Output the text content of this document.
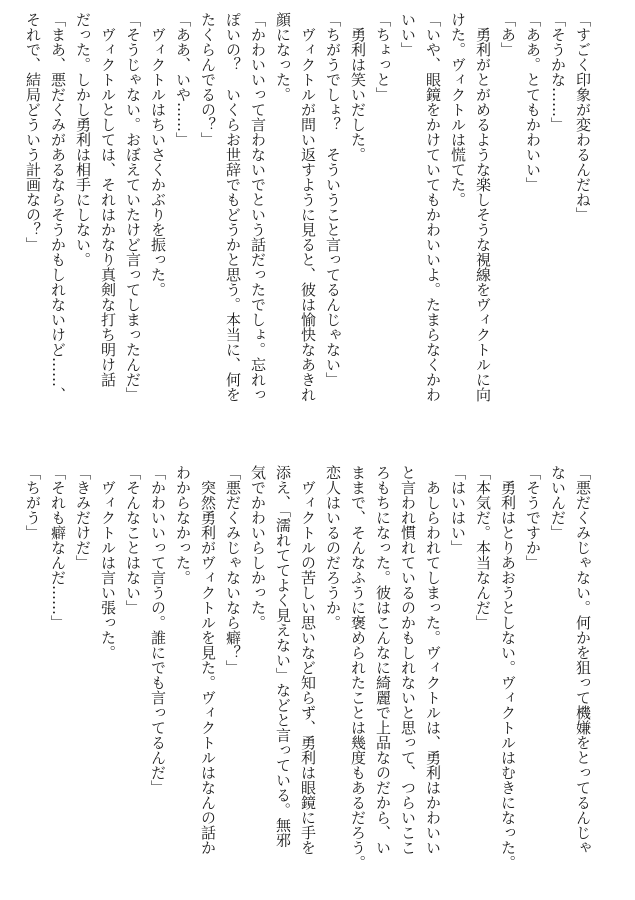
「すごく印象が変わるんだね」
「そうかな……」
「ああ。とてもかわいい」
「あ」
　勇利がとがめるような楽しそうな視線をヴィクトルに向
けた。ヴィクトルは慌てた。
「いや、眼鏡をかけていてもかわいいよ。たまらなくかわ
いい」
「ちょっと」
　勇利は笑いだした。
「ちがうでしょ？　そういうこと言ってるんじゃない」
　ヴィクトルが問い返すように見ると、彼は愉快なあきれ
顔になった。
「かわいいって言わないでという話だったでしょ。忘れっ
ぽいの？　いくらお世辞でもどうかと思う。本当に、何を
たくらんでるの？」
「ああ、いや……」
　ヴィクトルはちいさくかぶりを振った。
「そうじゃない。おぼえていたけど言ってしまったんだ」
　ヴィクトルとしては、それはかなり真剣な打ち明け話
だった。しかし勇利は相手にしない。
「まあ、悪だくみがあるならそうかもしれないけど……、
それで、結局どういう計画なの？」
「悪だくみじゃない。何かを狙って機嫌をとってるんじゃ
ないんだ」
「そうですか」
　勇利はとりあおうとしない。ヴィクトルはむきになった。
「本気だ。本当なんだ」
「はいはい」
　あしらわれてしまった。ヴィクトルは、勇利はかわいい
と言われ慣れているのかもしれないと思って、つらいここ
ろもちになった。彼はこんなに綺麗で上品なのだから、い
ままで、そんなふうに褒められたことは幾度もあるだろう。
恋人はいるのだろうか。
　ヴィクトルの苦しい思いなど知らず、勇利は眼鏡に手を
添え、「濡れててよく見えない」などと言っている。無邪
気でかわいらしかった。
「悪だくみじゃないなら癖？」
　突然勇利がヴィクトルを見た。ヴィクトルはなんの話か
わからなかった。
「かわいいって言うの。誰にでも言ってるんだ」
「そんなことはない」
　ヴィクトルは言い張った。
「きみだけだ」
「それも癖なんだ……」
「ちがう」
